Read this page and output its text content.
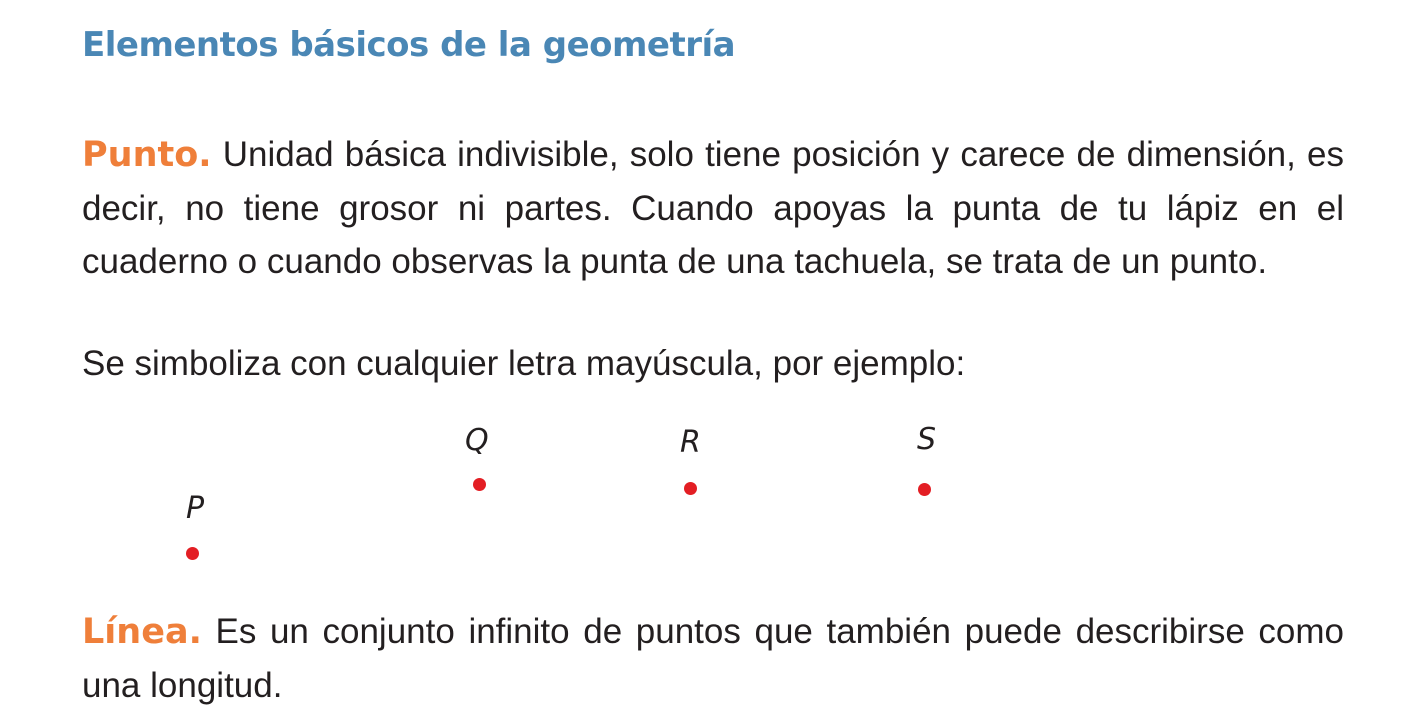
Elementos básicos de la geometría

Punto. Unidad básica indivisible, solo tiene posición y carece de dimensión, es decir, no tiene grosor ni partes. Cuando apoyas la punta de tu lápiz en el cuaderno o cuando observas la punta de una tachuela, se trata de un punto.

Se simboliza con cualquier letra mayúscula, por ejemplo:

P
Q	R	S

Línea. Es un conjunto infinito de puntos que también puede describirse como una longitud.
